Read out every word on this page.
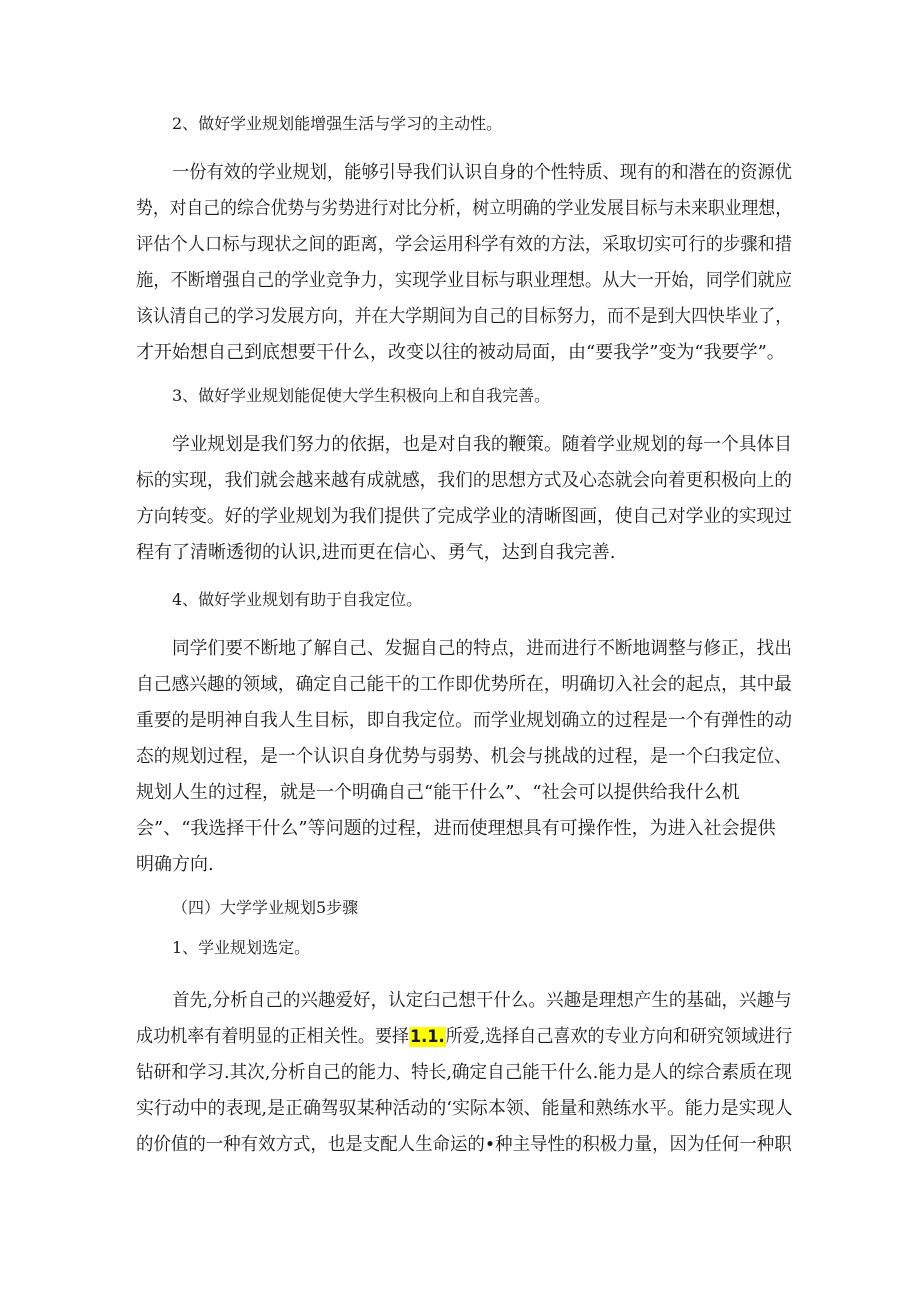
2、做好学业规划能增强生活与学习的主动性。
一份有效的学业规划，能够引导我们认识自身的个性特质、现有的和潜在的资源优
势，对自己的综合优势与劣势进行对比分析，树立明确的学业发展目标与未来职业理想，
评估个人口标与现状之间的距离，学会运用科学有效的方法，采取切实可行的步骤和措
施，不断增强自己的学业竞争力，实现学业目标与职业理想。从大一开始，同学们就应
该认清自己的学习发展方向，并在大学期间为自己的目标努力，而不是到大四快毕业了，
才开始想自己到底想要干什么，改变以往的被动局面，由“要我学”变为“我要学”。
3、做好学业规划能促使大学生积极向上和自我完善。
学业规划是我们努力的依据，也是对自我的鞭策。随着学业规划的每一个具体目
标的实现，我们就会越来越有成就感，我们的思想方式及心态就会向着更积极向上的
方向转变。好的学业规划为我们提供了完成学业的清晰图画，使自己对学业的实现过
程有了清晰透彻的认识,进而更在信心、勇气，达到自我完善.
4、做好学业规划有助于自我定位。
同学们要不断地了解自己、发掘自己的特点，进而进行不断地调整与修正，找出
自己感兴趣的领域，确定自己能干的工作即优势所在，明确切入社会的起点，其中最
重要的是明神自我人生目标，即自我定位。而学业规划确立的过程是一个有弹性的动
态的规划过程，是一个认识自身优势与弱势、机会与挑战的过程，是一个臼我定位、
规划人生的过程，就是一个明确自己“能干什么”、“社会可以提供给我什么机
会”、“我选择干什么”等问题的过程，进而使理想具有可操作性，为进入社会提供
明确方向.
（四）大学学业规划5步骤
1、学业规划选定。
首先,分析自己的兴趣爱好，认定臼己想干什么。兴趣是理想产生的基础，兴趣与
成功机率有着明显的正相关性。要择1.1.所爱,选择自己喜欢的专业方向和研究领域进行
钻研和学习.其次,分析自己的能力、特长,确定自己能干什么.能力是人的综合素质在现
实行动中的表现,是正确驾驭某种活动的‘实际本领、能量和熟练水平。能力是实现人
的价值的一种有效方式，也是支配人生命运的•种主导性的积极力量，因为任何一种职
